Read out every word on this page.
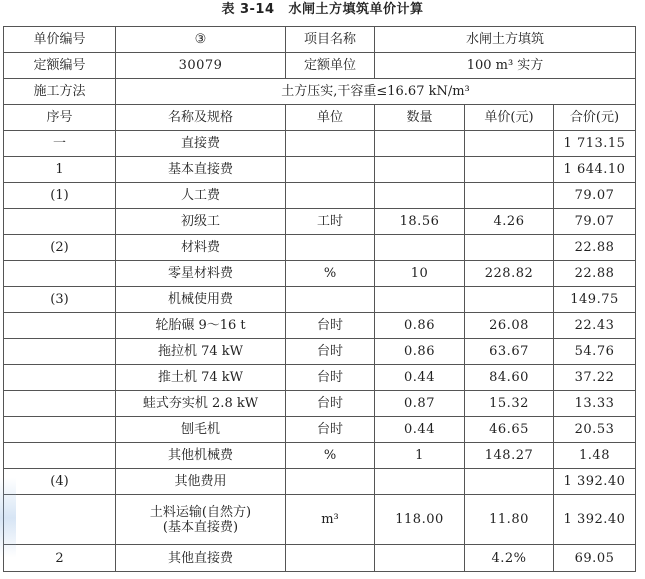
表 3-14 水闸土方填筑单价计算
单价编号	③	项目名称	水闸土方填筑		
定额编号	30079	定额单位	100 m³ 实方		
施工方法	土方压实,干容重≤16.67 kN/m³				
序号	名称及规格	单位	数量	单价(元)	合价(元)
一	直接费				1 713.15
1	基本直接费				1 644.10
(1)	人工费				79.07
	初级工	工时	18.56	4.26	79.07
(2)	材料费				22.88
	零星材料费	%	10	228.82	22.88
(3)	机械使用费				149.75
	轮胎碾 9～16 t	台时	0.86	26.08	22.43
	拖拉机 74 kW	台时	0.86	63.67	54.76
	推土机 74 kW	台时	0.44	84.60	37.22
	蛙式夯实机 2.8 kW	台时	0.87	15.32	13.33
	刨毛机	台时	0.44	46.65	20.53
	其他机械费	%	1	148.27	1.48
(4)	其他费用				1 392.40

	土料运输(自然方)
(基本直接费)	m³	118.00	11.80	1 392.40
2	其他直接费			4.2%	69.05
